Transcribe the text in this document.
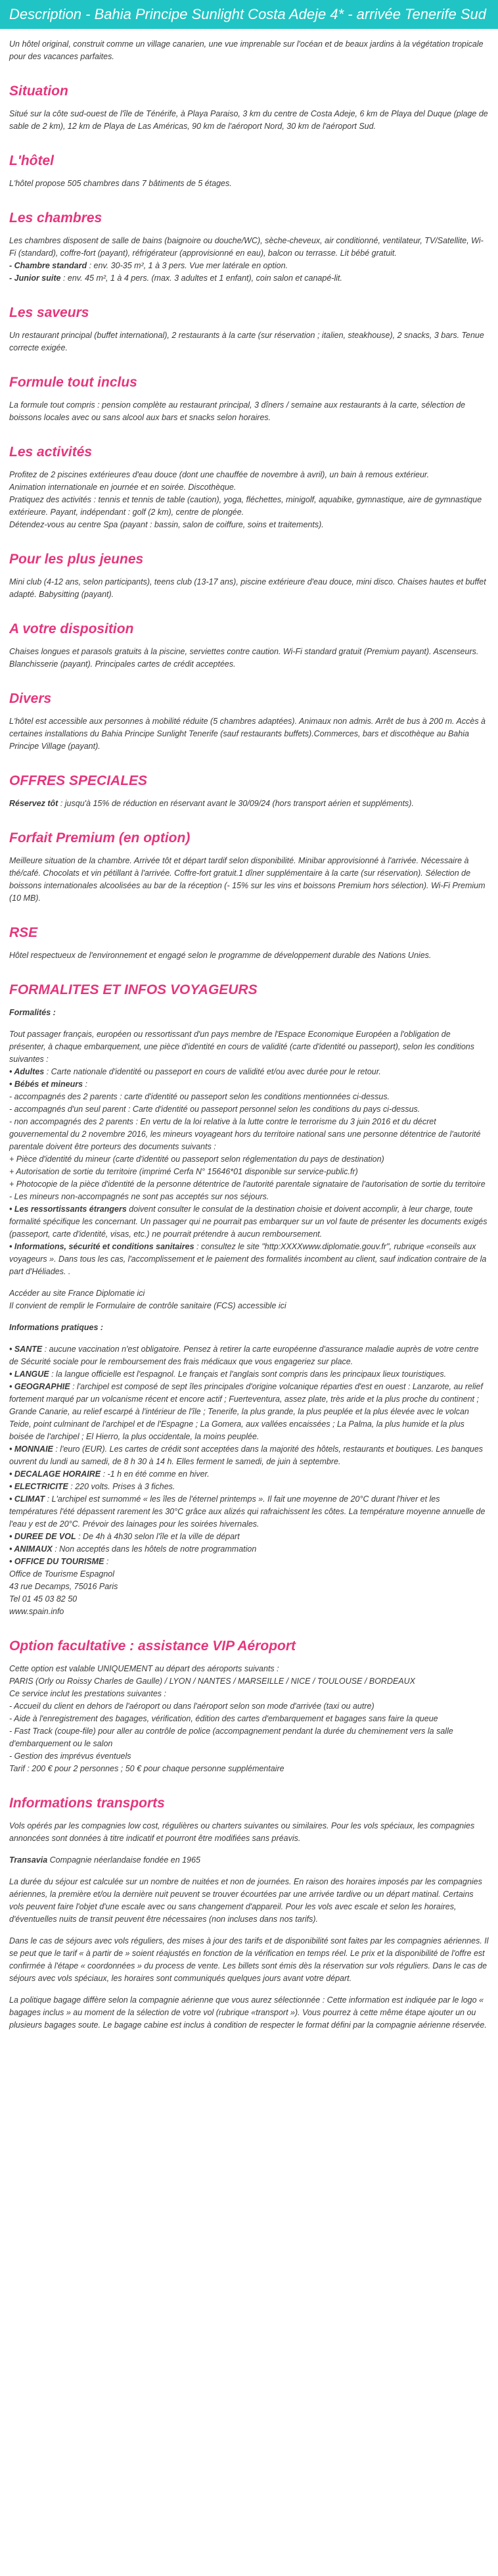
Description - Bahia Principe Sunlight Costa Adeje 4* - arrivée Tenerife Sud

Un hôtel original, construit comme un village canarien, une vue imprenable sur l'océan et de beaux jardins à la végétation tropicale pour des vacances parfaites.

Situation

Situé sur la côte sud-ouest de l'île de Ténérife, à Playa Paraiso, 3 km du centre de Costa Adeje, 6 km de Playa del Duque (plage de sable de 2 km), 12 km de Playa de Las Américas, 90 km de l'aéroport Nord, 30 km de l'aéroport Sud.

L'hôtel

L'hôtel propose 505 chambres dans 7 bâtiments de 5 étages.

Les chambres

Les chambres disposent de salle de bains (baignoire ou douche/WC), sèche-cheveux, air conditionné, ventilateur, TV/Satellite, Wi-Fi (standard), coffre-fort (payant), réfrigérateur (approvisionné en eau), balcon ou terrasse. Lit bébé gratuit.

- Chambre standard : env. 30-35 m², 1 à 3 pers. Vue mer latérale en option.

- Junior suite : env. 45 m², 1 à 4 pers. (max. 3 adultes et 1 enfant), coin salon et canapé-lit.

Les saveurs

Un restaurant principal (buffet international), 2 restaurants à la carte (sur réservation ; italien, steakhouse), 2 snacks, 3 bars. Tenue correcte exigée.

Formule tout inclus

La formule tout compris : pension complète au restaurant principal, 3 dîners / semaine aux restaurants à la carte, sélection de boissons locales avec ou sans alcool aux bars et snacks selon horaires.

Les activités

Profitez de 2 piscines extérieures d'eau douce (dont une chauffée de novembre à avril), un bain à remous extérieur.

Animation internationale en journée et en soirée. Discothèque.

Pratiquez des activités : tennis et tennis de table (caution), yoga, fléchettes, minigolf, aquabike, gymnastique, aire de gymnastique extérieure. Payant, indépendant : golf (2 km), centre de plongée.

Détendez-vous au centre Spa (payant : bassin, salon de coiffure, soins et traitements).

Pour les plus jeunes

Mini club (4-12 ans, selon participants), teens club (13-17 ans), piscine extérieure d'eau douce, mini disco. Chaises hautes et buffet adapté. Babysitting (payant).

A votre disposition

Chaises longues et parasols gratuits à la piscine, serviettes contre caution. Wi-Fi standard gratuit (Premium payant). Ascenseurs. Blanchisserie (payant). Principales cartes de crédit acceptées.

Divers

L'hôtel est accessible aux personnes à mobilité réduite (5 chambres adaptées). Animaux non admis. Arrêt de bus à 200 m. Accès à certaines installations du Bahia Principe Sunlight Tenerife (sauf restaurants buffets).Commerces, bars et discothèque au Bahia Principe Village (payant).

OFFRES SPECIALES

Réservez tôt : jusqu'à 15% de réduction en réservant avant le 30/09/24 (hors transport aérien et suppléments).

Forfait Premium (en option)

Meilleure situation de la chambre. Arrivée tôt et départ tardif selon disponibilité. Minibar approvisionné à l'arrivée. Nécessaire à thé/café. Chocolats et vin pétillant à l'arrivée. Coffre-fort gratuit.1 dîner supplémentaire à la carte (sur réservation). Sélection de boissons internationales alcoolisées au bar de la réception (- 15% sur les vins et boissons Premium hors sélection). Wi-Fi Premium (10 MB).

RSE

Hôtel respectueux de l'environnement et engagé selon le programme de développement durable des Nations Unies.

FORMALITES ET INFOS VOYAGEURS

Formalités :

Tout passager français, européen ou ressortissant d'un pays membre de l'Espace Economique Européen a l'obligation de présenter, à chaque embarquement, une pièce d'identité en cours de validité (carte d'identité ou passeport), selon les conditions suivantes :

• Adultes : Carte nationale d'identité ou passeport en cours de validité et/ou avec durée pour le retour.

• Bébés et mineurs :

- accompagnés des 2 parents : carte d'identité ou passeport selon les conditions mentionnées ci-dessus.

- accompagnés d'un seul parent : Carte d'identité ou passeport personnel selon les conditions du pays ci-dessus.

- non accompagnés des 2 parents : En vertu de la loi relative à la lutte contre le terrorisme du 3 juin 2016 et du décret gouvernemental du 2 novembre 2016, les mineurs voyageant hors du territoire national sans une personne détentrice de l'autorité parentale doivent être porteurs des documents suivants :

+ Pièce d'identité du mineur (carte d'identité ou passeport selon réglementation du pays de destination)

+ Autorisation de sortie du territoire (imprimé Cerfa N° 15646*01 disponible sur service-public.fr)

+ Photocopie de la pièce d'identité de la personne détentrice de l'autorité parentale signataire de l'autorisation de sortie du territoire

- Les mineurs non-accompagnés ne sont pas acceptés sur nos séjours.

• Les ressortissants étrangers doivent consulter le consulat de la destination choisie et doivent accomplir, à leur charge, toute formalité spécifique les concernant. Un passager qui ne pourrait pas embarquer sur un vol faute de présenter les documents exigés (passeport, carte d'identité, visas, etc.) ne pourrait prétendre à aucun remboursement.

• Informations, sécurité et conditions sanitaires : consultez le site "http:XXXXwww.diplomatie.gouv.fr", rubrique «conseils aux voyageurs ». Dans tous les cas, l'accomplissement et le paiement des formalités incombent au client, sauf indication contraire de la part d'Héliades. .

Accéder au site France Diplomatie ici

Il convient de remplir le Formulaire de contrôle sanitaire (FCS) accessible ici

Informations pratiques :

• SANTE : aucune vaccination n'est obligatoire. Pensez à retirer la carte européenne d'assurance maladie auprès de votre centre de Sécurité sociale pour le remboursement des frais médicaux que vous engageriez sur place.

• LANGUE : la langue officielle est l'espagnol. Le français et l'anglais sont compris dans les principaux lieux touristiques.

• GEOGRAPHIE : l'archipel est composé de sept îles principales d'origine volcanique réparties d'est en ouest : Lanzarote, au relief fortement marqué par un volcanisme récent et encore actif ; Fuerteventura, assez plate, très aride et la plus proche du continent ; Grande Canarie, au relief escarpé à l'intérieur de l'île ; Tenerife, la plus grande, la plus peuplée et la plus élevée avec le volcan Teide, point culminant de l'archipel et de l'Espagne ; La Gomera, aux vallées encaissées ; La Palma, la plus humide et la plus boisée de l'archipel ; El Hierro, la plus occidentale, la moins peuplée.

• MONNAIE : l'euro (EUR). Les cartes de crédit sont acceptées dans la majorité des hôtels, restaurants et boutiques. Les banques ouvrent du lundi au samedi, de 8 h 30 à 14 h. Elles ferment le samedi, de juin à septembre.

• DECALAGE HORAIRE : -1 h en été comme en hiver.

• ELECTRICITE : 220 volts. Prises à 3 fiches.

• CLIMAT : L'archipel est surnommé « les îles de l'éternel printemps ». Il fait une moyenne de 20°C durant l'hiver et les températures l'été dépassent rarement les 30°C grâce aux alizés qui rafraichissent les côtes. La température moyenne annuelle de l'eau y est de 20°C. Prévoir des lainages pour les soirées hivernales.

• DUREE DE VOL : De 4h à 4h30 selon l'île et la ville de départ

• ANIMAUX : Non acceptés dans les hôtels de notre programmation

• OFFICE DU TOURISME :

Office de Tourisme Espagnol

43 rue Decamps, 75016 Paris

Tel 01 45 03 82 50

www.spain.info

Option facultative : assistance VIP Aéroport

Cette option est valable UNIQUEMENT au départ des aéroports suivants :

PARIS (Orly ou Roissy Charles de Gaulle) / LYON / NANTES / MARSEILLE / NICE / TOULOUSE / BORDEAUX

Ce service inclut les prestations suivantes :

- Accueil du client en dehors de l'aéroport ou dans l'aéroport selon son mode d'arrivée (taxi ou autre)

- Aide à l'enregistrement des bagages, vérification, édition des cartes d'embarquement et bagages sans faire la queue

- Fast Track (coupe-file) pour aller au contrôle de police (accompagnement pendant la durée du cheminement vers la salle d'embarquement ou le salon

- Gestion des imprévus éventuels

Tarif : 200 € pour 2 personnes ; 50 € pour chaque personne supplémentaire

Informations transports

Vols opérés par les compagnies low cost, régulières ou charters suivantes ou similaires. Pour les vols spéciaux, les compagnies annoncées sont données à titre indicatif et pourront être modifiées sans préavis.

Transavia Compagnie néerlandaise fondée en 1965

La durée du séjour est calculée sur un nombre de nuitées et non de journées. En raison des horaires imposés par les compagnies aériennes, la première et/ou la dernière nuit peuvent se trouver écourtées par une arrivée tardive ou un départ matinal. Certains vols peuvent faire l'objet d'une escale avec ou sans changement d'appareil. Pour les vols avec escale et selon les horaires, d'éventuelles nuits de transit peuvent être nécessaires (non incluses dans nos tarifs).

Dans le cas de séjours avec vols réguliers, des mises à jour des tarifs et de disponibilité sont faites par les compagnies aériennes. Il se peut que le tarif « à partir de » soient réajustés en fonction de la vérification en temps réel. Le prix et la disponibilité de l'offre est confirmée à l'étape « coordonnées » du process de vente. Les billets sont émis dès la réservation sur vols réguliers. Dans le cas de séjours avec vols spéciaux, les horaires sont communiqués quelques jours avant votre départ.

La politique bagage diffère selon la compagnie aérienne que vous aurez sélectionnée : Cette information est indiquée par le logo « bagages inclus » au moment de la sélection de votre vol (rubrique «transport »). Vous pourrez à cette même étape ajouter un ou plusieurs bagages soute. Le bagage cabine est inclus à condition de respecter le format défini par la compagnie aérienne réservée.
